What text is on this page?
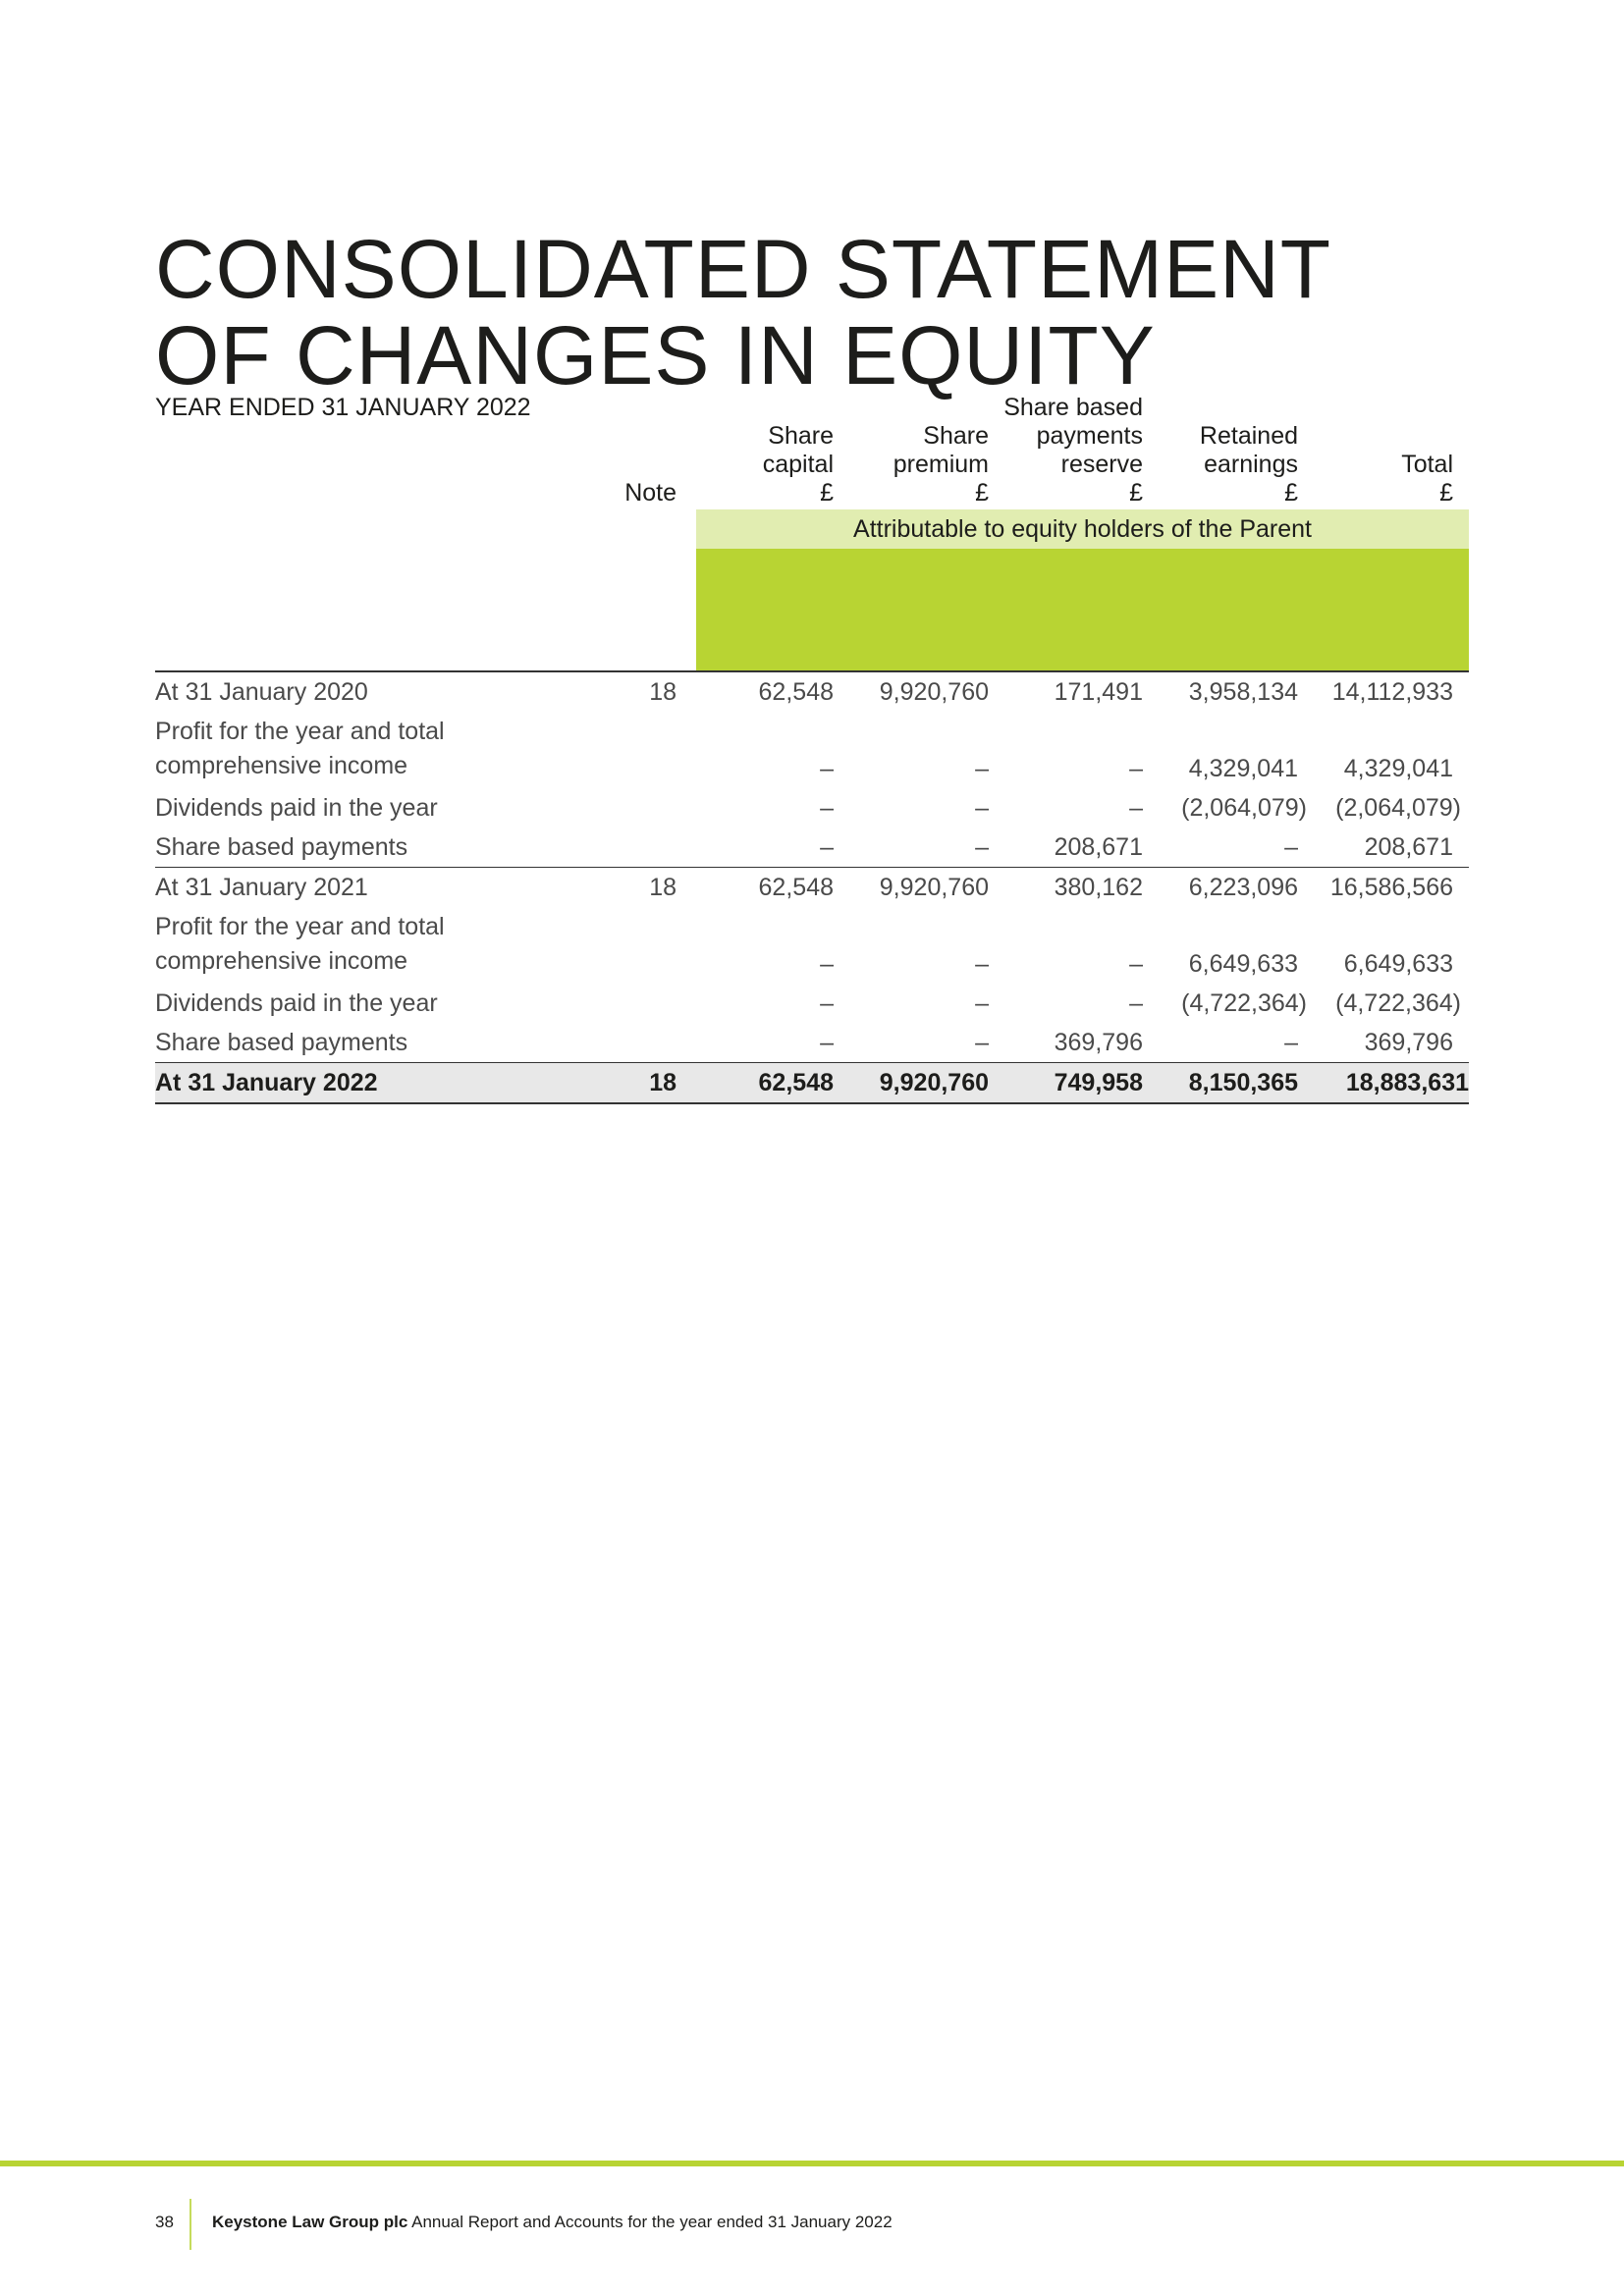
CONSOLIDATED STATEMENT OF CHANGES IN EQUITY

YEAR ENDED 31 JANUARY 2022

Attributable to equity holders of the Parent
Note
Share
capital
£
Share
premium
£
Share based
payments
reserve
£
Retained
earnings
£
Total
£
At 31 January 2020	18	62,548 9,920,760	171,491 3,958,134 14,112,933
Profit for the year and total
comprehensive income	–	–	– 4,329,041 4,329,041
Dividends paid in the year	–	–	– (2,064,079) (2,064,079)
Share based payments	–	–	208,671	–	208,671
At 31 January 2021	18	62,548 9,920,760	380,162 6,223,096 16,586,566
Profit for the year and total
comprehensive income	–	–	– 6,649,633 6,649,633
Dividends paid in the year	–	–	– (4,722,364) (4,722,364)
Share based payments	–	–	369,796	–	369,796
At 31 January 2022	18	62,548 9,920,760	749,958 8,150,365 18,883,631
38 Keystone Law Group plc Annual Report and Accounts for the year ended 31 January 2022
